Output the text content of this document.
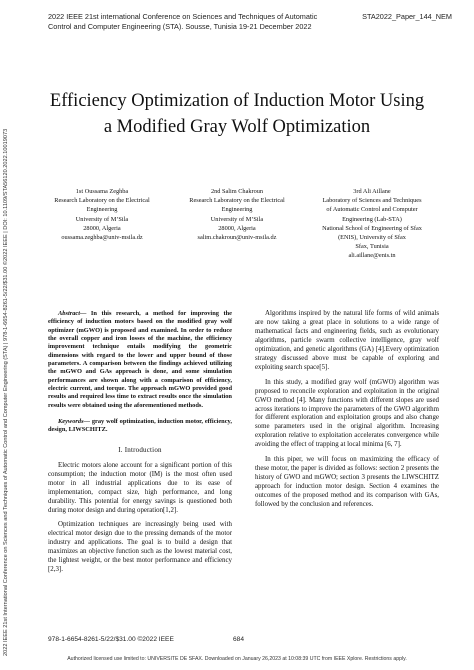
2022 IEEE 21st international Conference on Sciences and Techniques of Automatic
Control and Computer Engineering (STA). Sousse, Tunisia 19-21 December 2022
STA2022_Paper_144_NEM
2022 IEEE 21st International Conference on Sciences and Techniques of Automatic Control and Computer Engineering (STA) | 978-1-6654-8261-5/22/$31.00 ©2022 IEEE | DOI: 10.1109/STA56120.2022.10019073
Efficiency Optimization of Induction Motor Using
a Modified Gray Wolf Optimization
1st Oussama Zeghba
Research Laboratory on the Electrical
Engineering
University of M’Sila
28000, Algeria
oussama.zeghba@univ-msila.dz
2nd Salim Chakroun
Research Laboratory on the Electrical
Engineering
University of M’Sila
28000, Algeria
salim.chakroun@univ-msila.dz
3rd Ali Aillane
Laboratory of Sciences and Techniques
of Automatic Control and Computer
Engineering (Lab-STA)
National School of Engineering of Sfax
(ENIS), University of Sfax
Sfax, Tunisia
ali.aillane@enis.tn

Abstract— In this research, a method for improving the efficiency of induction motors based on the modified gray wolf optimizer (mGWO) is proposed and examined. In order to reduce the overall copper and iron losses of the machine, the efficiency improvement technique entails modifying the geometric dimensions with regard to the lower and upper bound of those parameters. A comparison between the findings achieved utilizing the mGWO and GAs approach is done, and some simulation performances are shown along with a comparison of efficiency, electric current, and torque. The approach mGWO provided good results and required less time to extract results once the simulation results were obtained using the aforementioned methods.

Keywords— gray wolf optimization, induction motor, efficiency, design, LIWSCHITZ.

I. Introduction

Electric motors alone account for a significant portion of this consumption; the induction motor (IM) is the most often used motor in all industrial applications due to its ease of implementation, compact size, high performance, and long durability. This potential for energy savings is questioned both during motor design and during operation[1,2].

Optimization techniques are increasingly being used with electrical motor design due to the pressing demands of the motor industry and applications. The goal is to build a design that maximizes an objective function such as the lowest material cost, the lightest weight, or the best motor performance and efficiency [2,3].

Algorithms inspired by the natural life forms of wild animals are now taking a great place in solutions to a wide range of mathematical facts and engineering fields, such as evolutionary algorithms, particle swarm collective intelligence, gray wolf optimization, and genetic algorithms (GA) [4].Every optimization strategy discussed above must be capable of exploring and exploiting search space[5].

In this study, a modified gray wolf (mGWO) algorithm was proposed to reconcile exploration and exploitation in the original GWO method [4]. Many functions with different slopes are used across iterations to improve the parameters of the GWO algorithm for different exploration and exploitation groups and also change some parameters used in the original algorithm. Increasing exploration relative to exploitation accelerates convergence while avoiding the effect of trapping at local minima [6, 7].

In this piper, we will focus on maximizing the efficacy of these motor, the paper is divided as follows: section 2 presents the history of GWO and mGWO; section 3 presents the LIWSCHITZ approach for induction motor design. Section 4 examines the outcomes of the proposed method and its comparison with GAs, followed by the conclusion and references.

978-1-6654-8261-5/22/$31.00 ©2022 IEEE	684
Authorized licensed use limited to: UNIVERSITE DE SFAX. Downloaded on January 26,2023 at 10:08:39 UTC from IEEE Xplore. Restrictions apply.
